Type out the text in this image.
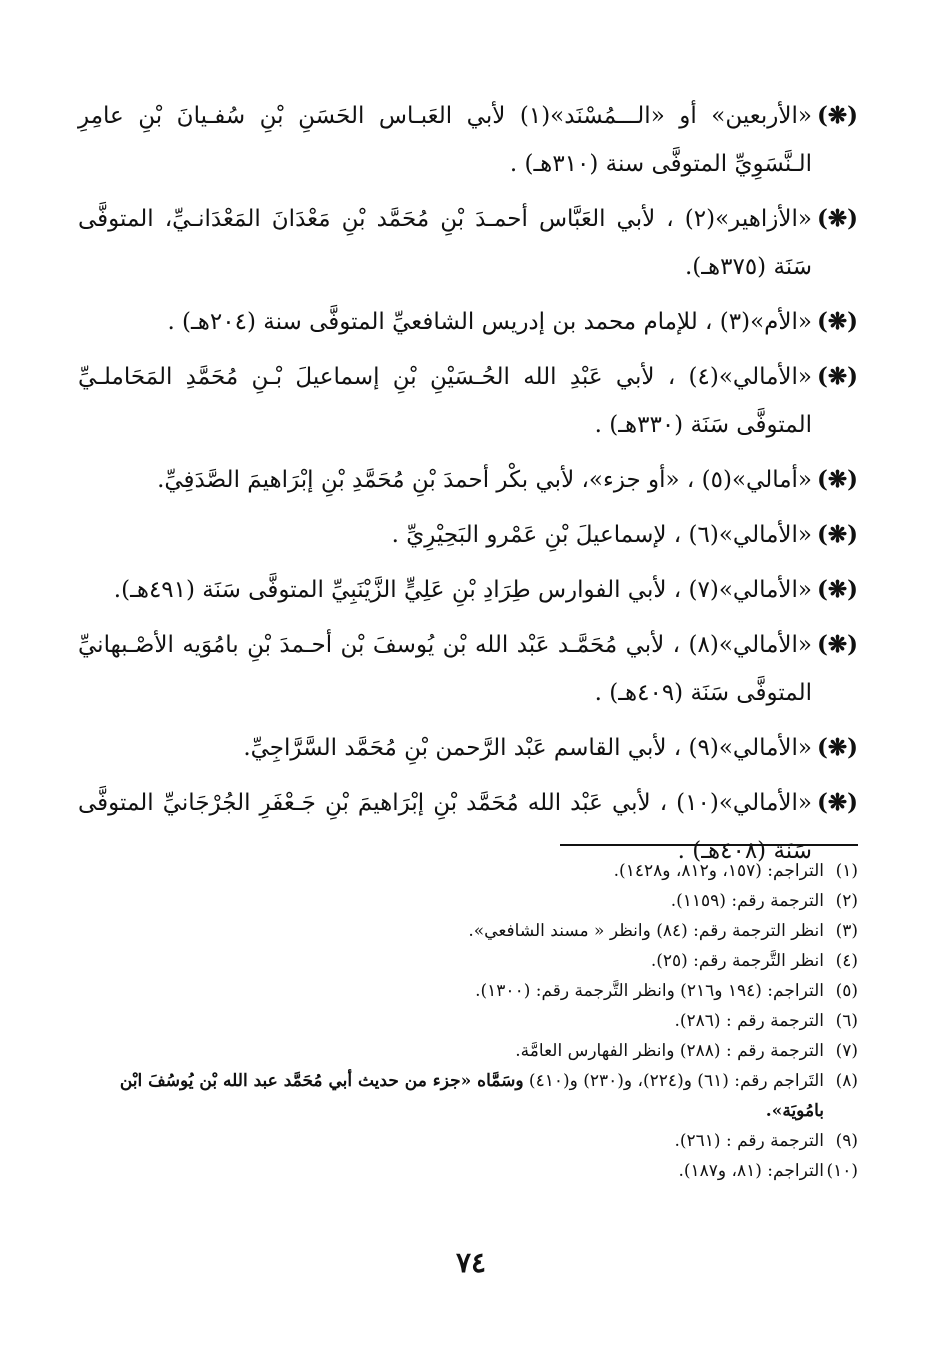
(❋)
«الأربعين» أو «الـــمُسْنَد»(١) لأبي العَبـاس الحَسَنِ بْنِ سُفـيانَ بْنِ عامِرِ الـنَّسَوِيِّ المتوفَّى سنة (٣١٠هـ) .

(❋)
«الأزاهير»(٢) ، لأبي العَبَّاس أحمـدَ بْنِ مُحَمَّد بْنِ مَعْدَانَ المَعْدَانـيِّ، المتوفَّى سَنَة (٣٧٥هـ).

(❋)
«الأم»(٣) ، للإمام محمد بن إدريس الشافعيِّ المتوفَّى سنة (٢٠٤هـ) .

(❋)
«الأمالي»(٤) ، لأبي عَبْدِ الله الحُـسَيْنِ بْنِ إسماعيلَ بْـنِ مُحَمَّدِ المَحَاملـيِّ المتوفَّى سَنَة (٣٣٠هـ) .

(❋)
«أمالي»(٥) ، «أو جزء»، لأبي بكْر أحمدَ بْنِ مُحَمَّدِ بْنِ إبْرَاهيمَ الصَّدَفِيِّ.

(❋)
«الأمالي»(٦) ، لإسماعيلَ بْنِ عَمْرو البَحِيْرِيِّ .

(❋)
«الأمالي»(٧) ، لأبي الفوارس طِرَادِ بْنِ عَلِيٍّ الزَّيْنَبِيِّ المتوفَّى سَنَة (٤٩١هـ).

(❋)
«الأمالي»(٨) ، لأبي مُحَمَّـد عَبْد الله بْن يُوسفَ بْن أحـمدَ بْنِ بامُوَيه الأصْـبهانيِّ المتوفَّى سَنَة (٤٠٩هـ) .

(❋)
«الأمالي»(٩) ، لأبي القاسم عَبْد الرَّحمن بْنِ مُحَمَّد السَّرَّاجِيِّ.

(❋)
«الأمالي»(١٠) ، لأبي عَبْد الله مُحَمَّد بْنِ إبْرَاهيمَ بْنِ جَـعْفَرِ الجُرْجَانيِّ المتوفَّى سَنَة (٤٠٨هـ) .

(١)
التراجم: (١٥٧، و٨١٢، و١٤٢٨).

(٢)
الترجمة رقم: (١١٥٩).

(٣)
انظر الترجمة رقم: (٨٤) وانظر « مسند الشافعي».

(٤)
انظر التَّرجمة رقم: (٢٥).

(٥)
التراجم: (١٩٤ و٢١٦) وانظر التَّرجمة رقم: (١٣٠٠).

(٦)
الترجمة رقم : (٢٨٦).

(٧)
الترجمة رقم : (٢٨٨) وانظر الفهارس العامَّة.

(٨)
التَراجم رقم: (٦١) و(٢٢٤)، و(٢٣٠) و(٤١٠) وسَمَّاه «جزء من حديث أبي مُحَمَّد عبد الله بْن يُوسُفَ ابْن بامُويَة».

(٩)
الترجمة رقم : (٢٦١).

(١٠)
التراجم: (٨١، و١٨٧).

٧٤
